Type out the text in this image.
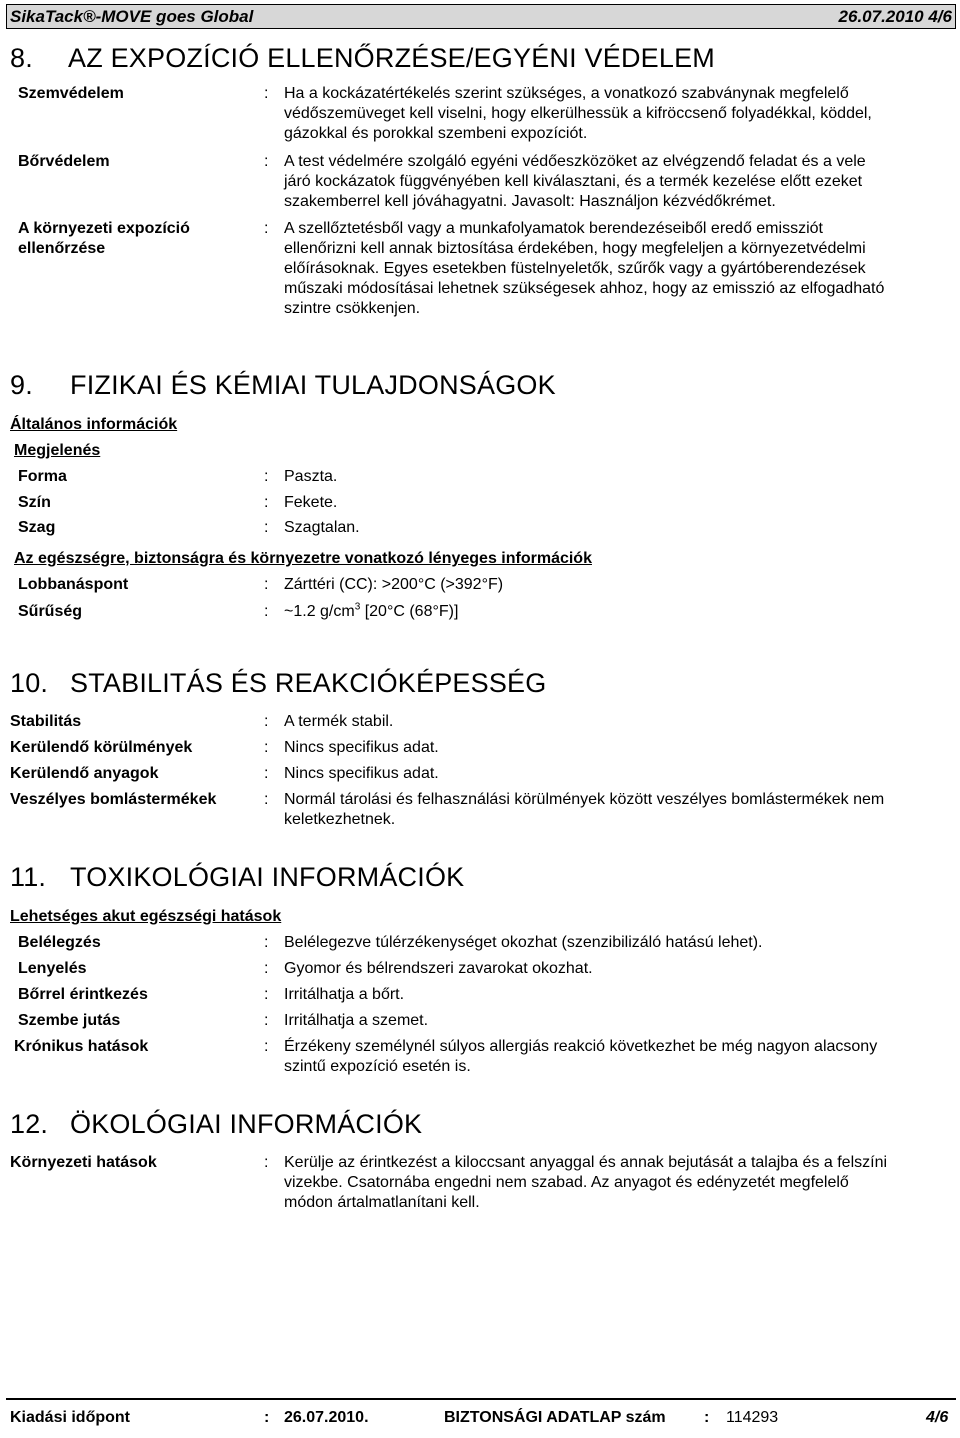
SikaTack®-MOVE goes Global	26.07.2010 4/6
8. AZ EXPOZÍCIÓ ELLENŐRZÉSE/EGYÉNI VÉDELEM
Szemvédelem	: Ha a kockázatértékelés szerint szükséges, a vonatkozó szabványnak megfelelő
védőszemüveget kell viselni, hogy elkerülhessük a kifröccsenő folyadékkal, köddel,
gázokkal és porokkal szembeni expozíciót.
Bőrvédelem	: A test védelmére szolgáló egyéni védőeszközöket az elvégzendő feladat és a vele
járó kockázatok függvényében kell kiválasztani, és a termék kezelése előtt ezeket
szakemberrel kell jóváhagyatni. Javasolt: Használjon kézvédőkrémet.
A környezeti expozíció
ellenőrzése
: A szellőztetésből vagy a munkafolyamatok berendezéseiből eredő emissziót
ellenőrizni kell annak biztosítása érdekében, hogy megfeleljen a környezetvédelmi
előírásoknak. Egyes esetekben füstelnyeletők, szűrők vagy a gyártóberendezések
műszaki módosításai lehetnek szükségesek ahhoz, hogy az emisszió az elfogadható
szintre csökkenjen.
9. FIZIKAI ÉS KÉMIAI TULAJDONSÁGOK
Általános információk
Megjelenés
Forma	: Paszta.
Szín	: Fekete.
Szag	: Szagtalan.
Az egészségre, biztonságra és környezetre vonatkozó lényeges információk
Lobbanáspont	: Zárttéri (CC): >200°C (>392°F)
Sűrűség	: ~1.2 $g/cm^3$ [20°C (68°F)]
10. STABILITÁS ÉS REAKCIÓKÉPESSÉG
Stabilitás	: A termék stabil.
Kerülendő körülmények	: Nincs specifikus adat.
Kerülendő anyagok	: Nincs specifikus adat.
Veszélyes bomlástermékek	: Normál tárolási és felhasználási körülmények között veszélyes bomlástermékek nem
keletkezhetnek.
11. TOXIKOLÓGIAI INFORMÁCIÓK
Lehetséges akut egészségi hatások
Belélegzés	: Belélegezve túlérzékenységet okozhat (szenzibilizáló hatású lehet).
Lenyelés	: Gyomor és bélrendszeri zavarokat okozhat.
Bőrrel érintkezés	: Irritálhatja a bőrt.
Szembe jutás	: Irritálhatja a szemet.
Krónikus hatások	: Érzékeny személynél súlyos allergiás reakció következhet be még nagyon alacsony
szintű expozíció esetén is.
12. ÖKOLÓGIAI INFORMÁCIÓK
Környezeti hatások	: Kerülje az érintkezést a kiloccsant anyaggal és annak bejutását a talajba és a felszíni
vizekbe. Csatornába engedni nem szabad. Az anyagot és edényzetét megfelelő
módon ártalmatlanítani kell.
Kiadási időpont	: 26.07.2010.	BIZTONSÁGI ADATLAP szám : 114293	4/6
